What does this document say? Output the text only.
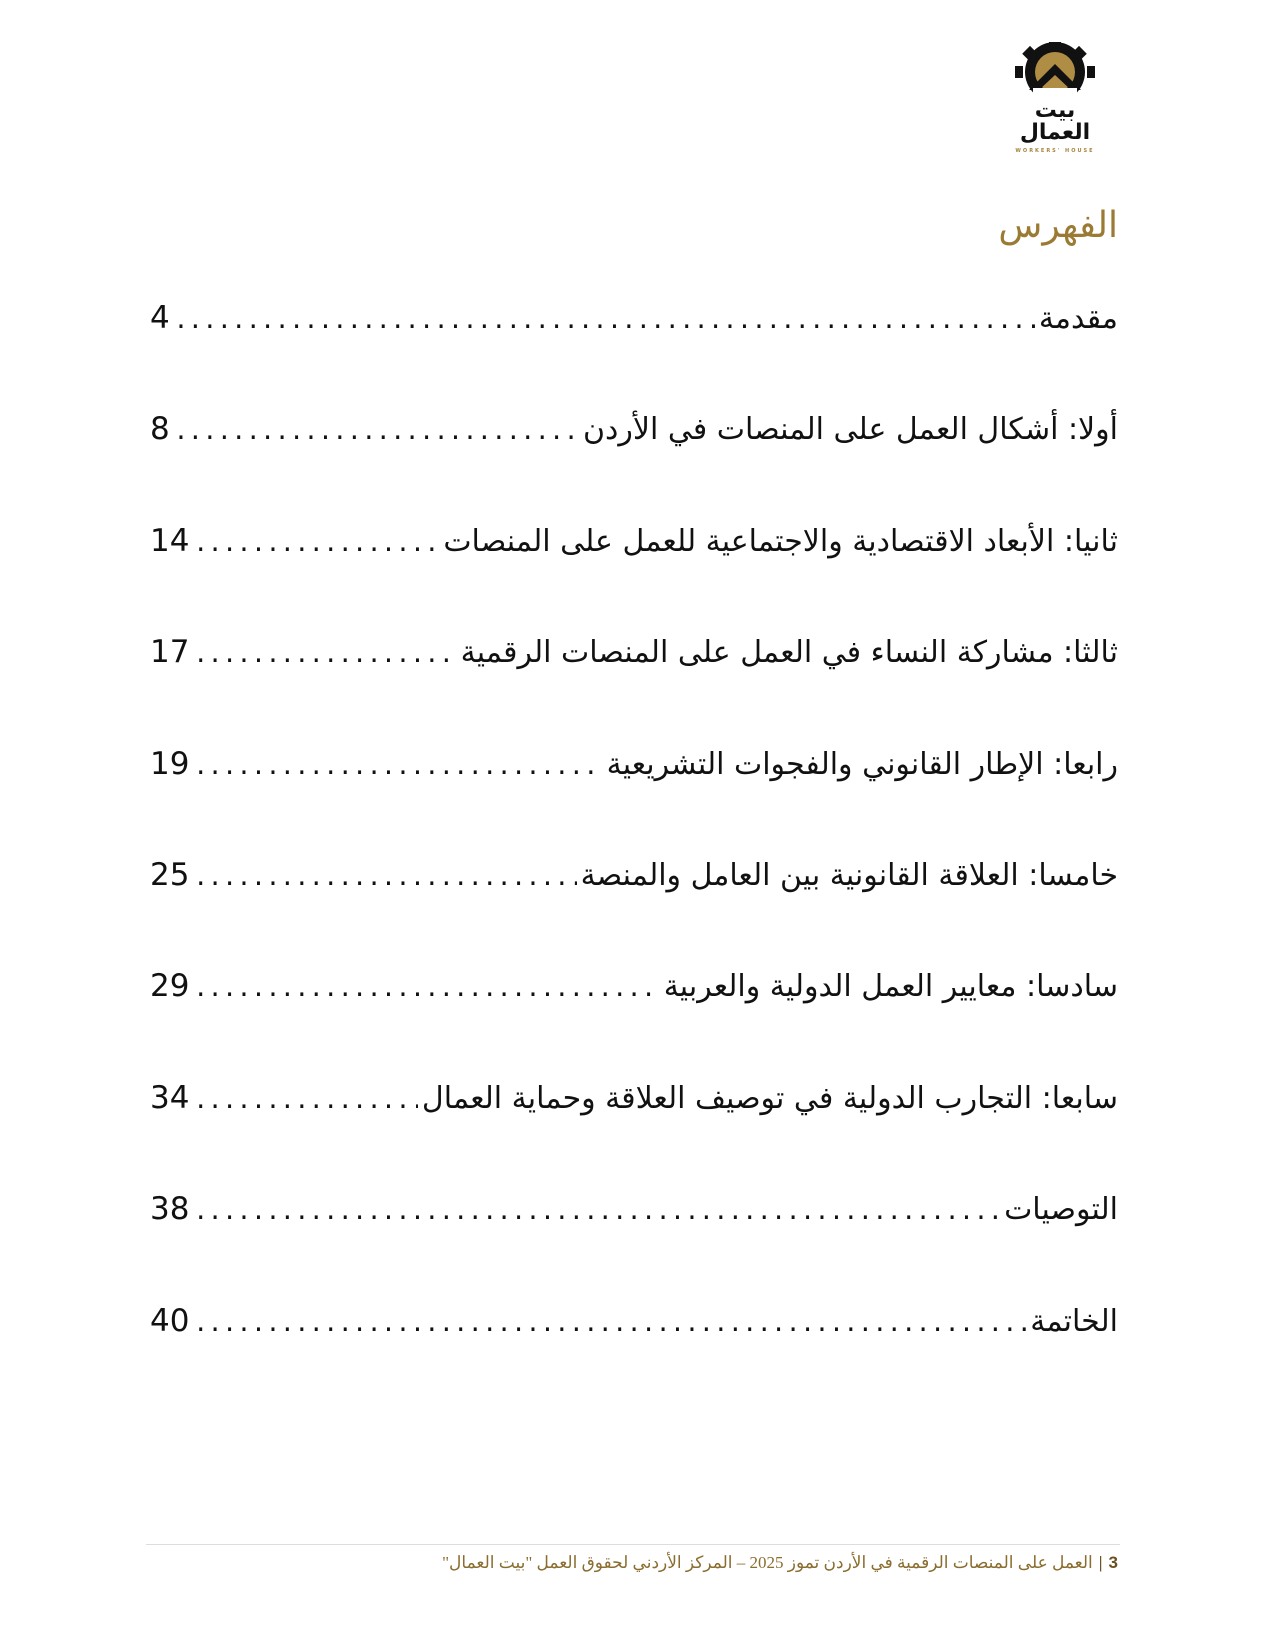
بيت
العمال
WORKERS' HOUSE
الفهرس
مقدمة
.....
4
أولا: أشكال العمل على المنصات في الأردن
.....
8
ثانيا: الأبعاد الاقتصادية والاجتماعية للعمل على المنصات
.....
14
ثالثا: مشاركة النساء في العمل على المنصات الرقمية
.....
17
رابعا: الإطار القانوني والفجوات التشريعية
.....
19
خامسا: العلاقة القانونية بين العامل والمنصة
.....
25
سادسا: معايير العمل الدولية والعربية
.....
29
سابعا: التجارب الدولية في توصيف العلاقة وحماية العمال
.....
34
التوصيات
.....
38
الخاتمة
.....
40
3|العمل على المنصات الرقمية في الأردن تموز 2025 – المركز الأردني لحقوق العمل "بيت العمال"
